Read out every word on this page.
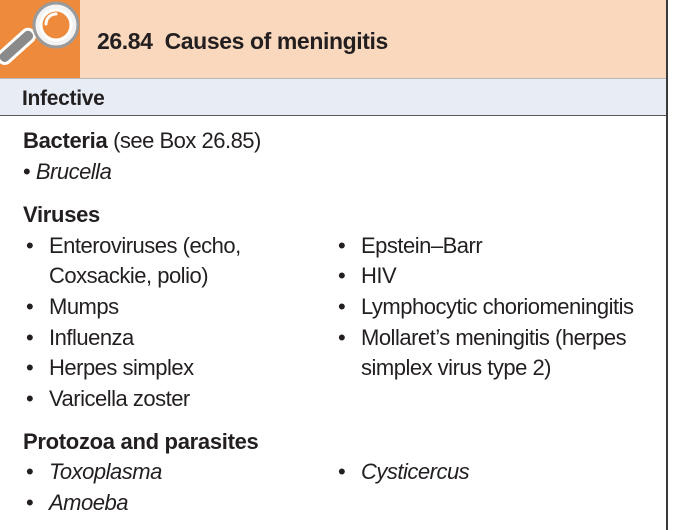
26.84 Causes of meningitis
Infective
Bacteria (see Box 26.85)
• Brucella
Viruses
• Enteroviruses (echo,
Coxsackie, polio)
• Mumps
• Influenza
• Herpes simplex
• Varicella zoster
• Epstein–Barr
• HIV
• Lymphocytic choriomeningitis
• Mollaret’s meningitis (herpes
simplex virus type 2)
Protozoa and parasites
• Toxoplasma
• Amoeba
• Cysticercus
